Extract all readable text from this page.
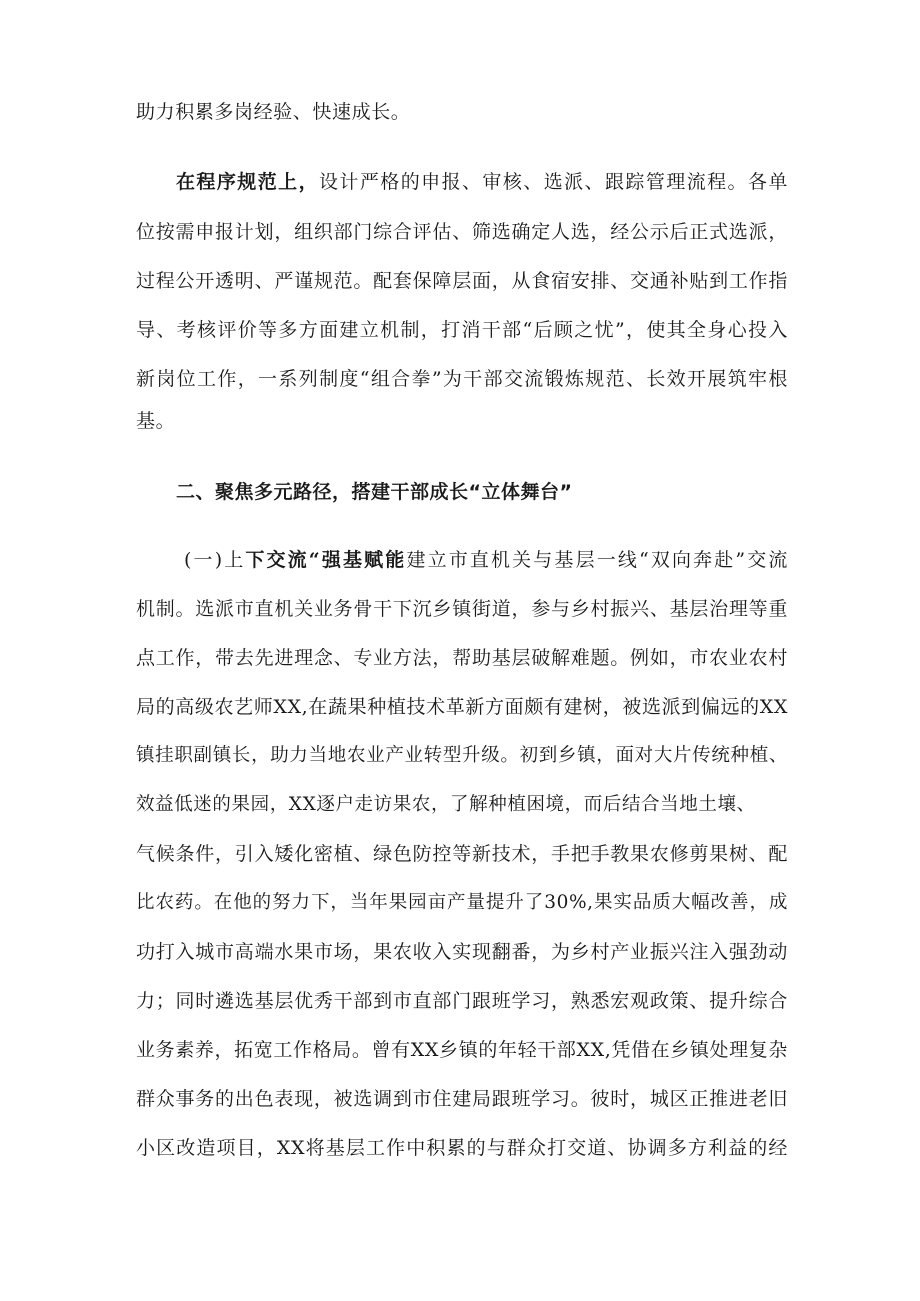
助力积累多岗经验、快速成长。
在程序规范上，设计严格的申报、审核、选派、跟踪管理流程。各单
位按需申报计划，组织部门综合评估、筛选确定人选，经公示后正式选派，
过程公开透明、严谨规范。配套保障层面，从食宿安排、交通补贴到工作指
导、考核评价等多方面建立机制，打消干部“后顾之忧”，使其全身心投入
新岗位工作，一系列制度“组合拳”为干部交流锻炼规范、长效开展筑牢根
基。
二、聚焦多元路径，搭建干部成长“立体舞台”
(一)上下交流“强基赋能建立市直机关与基层一线“双向奔赴”交流
机制。选派市直机关业务骨干下沉乡镇街道，参与乡村振兴、基层治理等重
点工作，带去先进理念、专业方法，帮助基层破解难题。例如，市农业农村
局的高级农艺师XX,在蔬果种植技术革新方面颇有建树，被选派到偏远的XX
镇挂职副镇长，助力当地农业产业转型升级。初到乡镇，面对大片传统种植、
效益低迷的果园，XX逐户走访果农，了解种植困境，而后结合当地土壤、
气候条件，引入矮化密植、绿色防控等新技术，手把手教果农修剪果树、配
比农药。在他的努力下，当年果园亩产量提升了30%,果实品质大幅改善，成
功打入城市高端水果市场，果农收入实现翻番，为乡村产业振兴注入强劲动
力；同时遴选基层优秀干部到市直部门跟班学习，熟悉宏观政策、提升综合
业务素养，拓宽工作格局。曾有XX乡镇的年轻干部XX,凭借在乡镇处理复杂
群众事务的出色表现，被选调到市住建局跟班学习。彼时，城区正推进老旧
小区改造项目，XX将基层工作中积累的与群众打交道、协调多方利益的经
